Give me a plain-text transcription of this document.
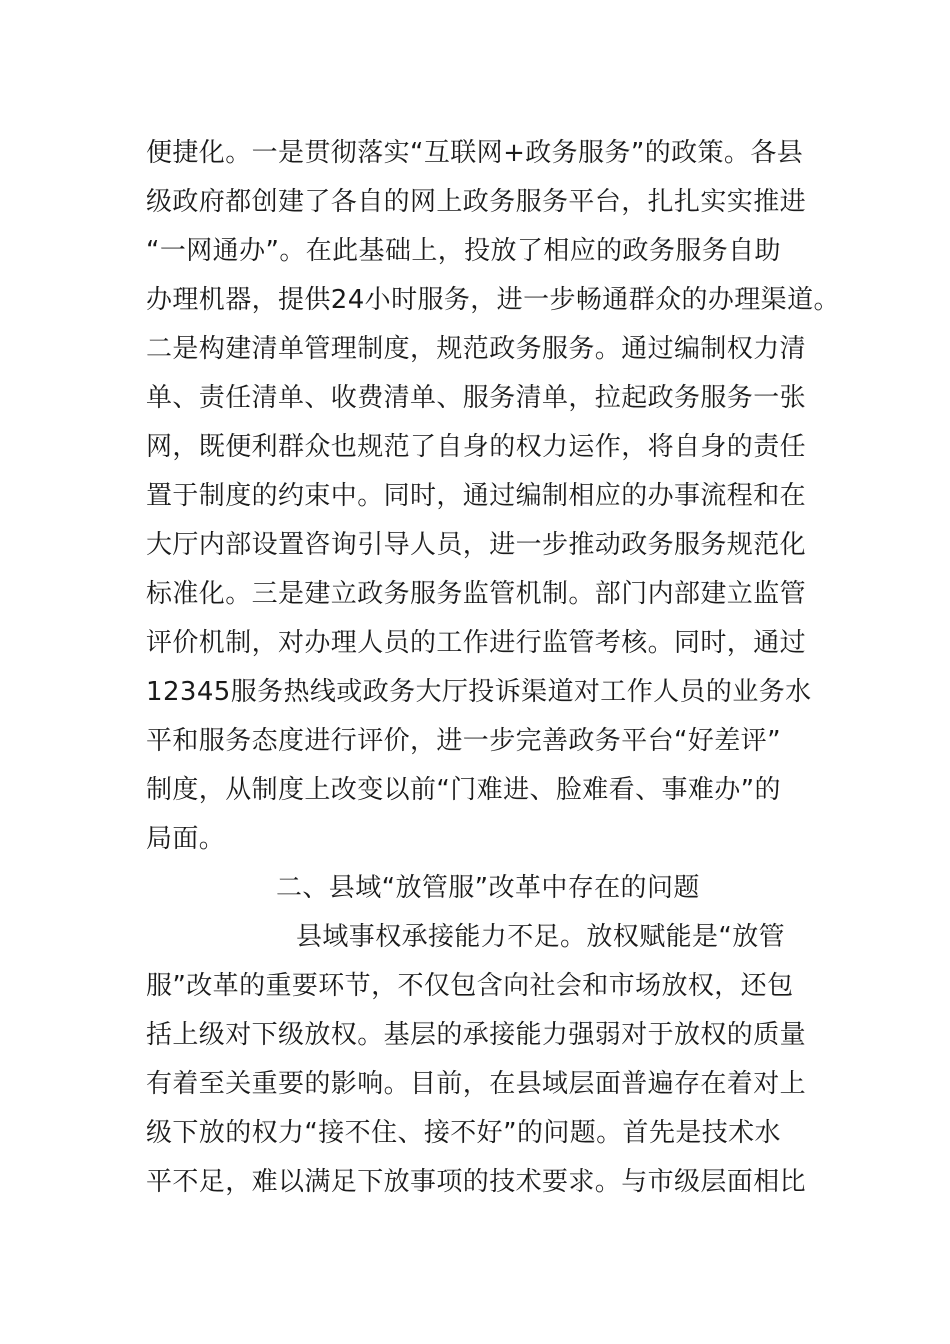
便捷化。一是贯彻落实“互联网+政务服务”的政策。各县
级政府都创建了各自的网上政务服务平台，扎扎实实推进
“一网通办”。在此基础上，投放了相应的政务服务自助
办理机器，提供24小时服务，进一步畅通群众的办理渠道。
二是构建清单管理制度，规范政务服务。通过编制权力清
单、责任清单、收费清单、服务清单，拉起政务服务一张
网，既便利群众也规范了自身的权力运作，将自身的责任
置于制度的约束中。同时，通过编制相应的办事流程和在
大厅内部设置咨询引导人员，进一步推动政务服务规范化
标准化。三是建立政务服务监管机制。部门内部建立监管
评价机制，对办理人员的工作进行监管考核。同时，通过
12345服务热线或政务大厅投诉渠道对工作人员的业务水
平和服务态度进行评价，进一步完善政务平台“好差评”
制度，从制度上改变以前“门难进、脸难看、事难办”的
局面。
二、县域“放管服”改革中存在的问题
县域事权承接能力不足。放权赋能是“放管
服”改革的重要环节，不仅包含向社会和市场放权，还包
括上级对下级放权。基层的承接能力强弱对于放权的质量
有着至关重要的影响。目前，在县域层面普遍存在着对上
级下放的权力“接不住、接不好”的问题。首先是技术水
平不足，难以满足下放事项的技术要求。与市级层面相比
